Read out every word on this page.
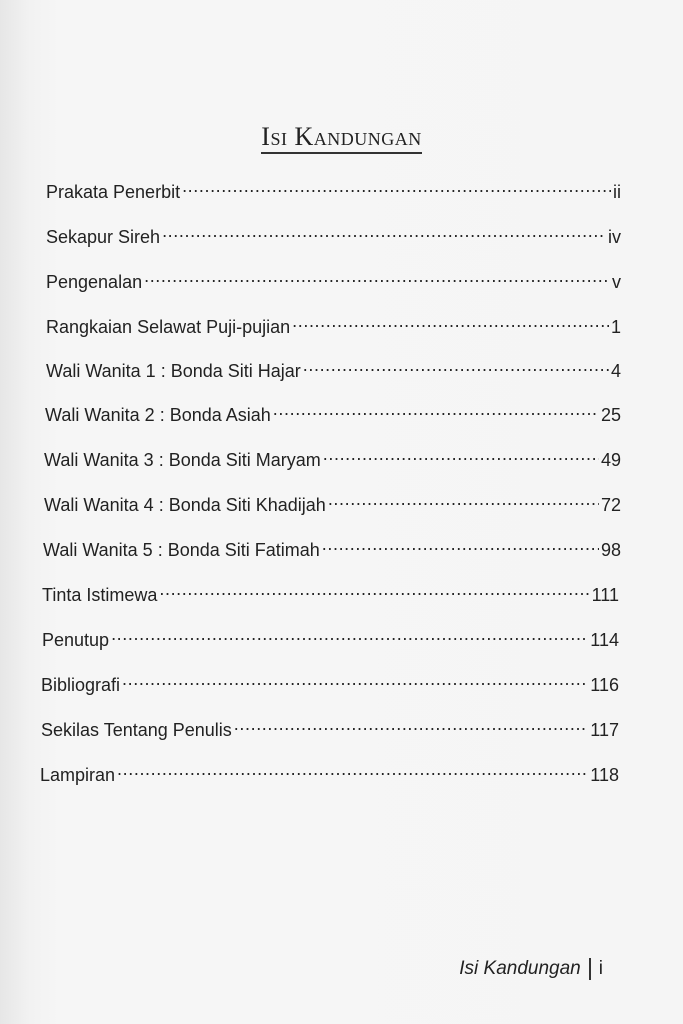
Isi Kandungan
Prakata Penerbit .....	ii
Sekapur Sireh .....	iv
Pengenalan .....	v
Rangkaian Selawat Puji-pujian .....	1
Wali Wanita 1 : Bonda Siti Hajar .....	4
Wali Wanita 2 : Bonda Asiah .....	25
Wali Wanita 3 : Bonda Siti Maryam .....	49
Wali Wanita 4 : Bonda Siti Khadijah .....	72
Wali Wanita 5 : Bonda Siti Fatimah .....	98
Tinta Istimewa .....	111
Penutup .....	114
Bibliografi .....	116
Sekilas Tentang Penulis .....	117
Lampiran .....	118
Isi Kandungan i
